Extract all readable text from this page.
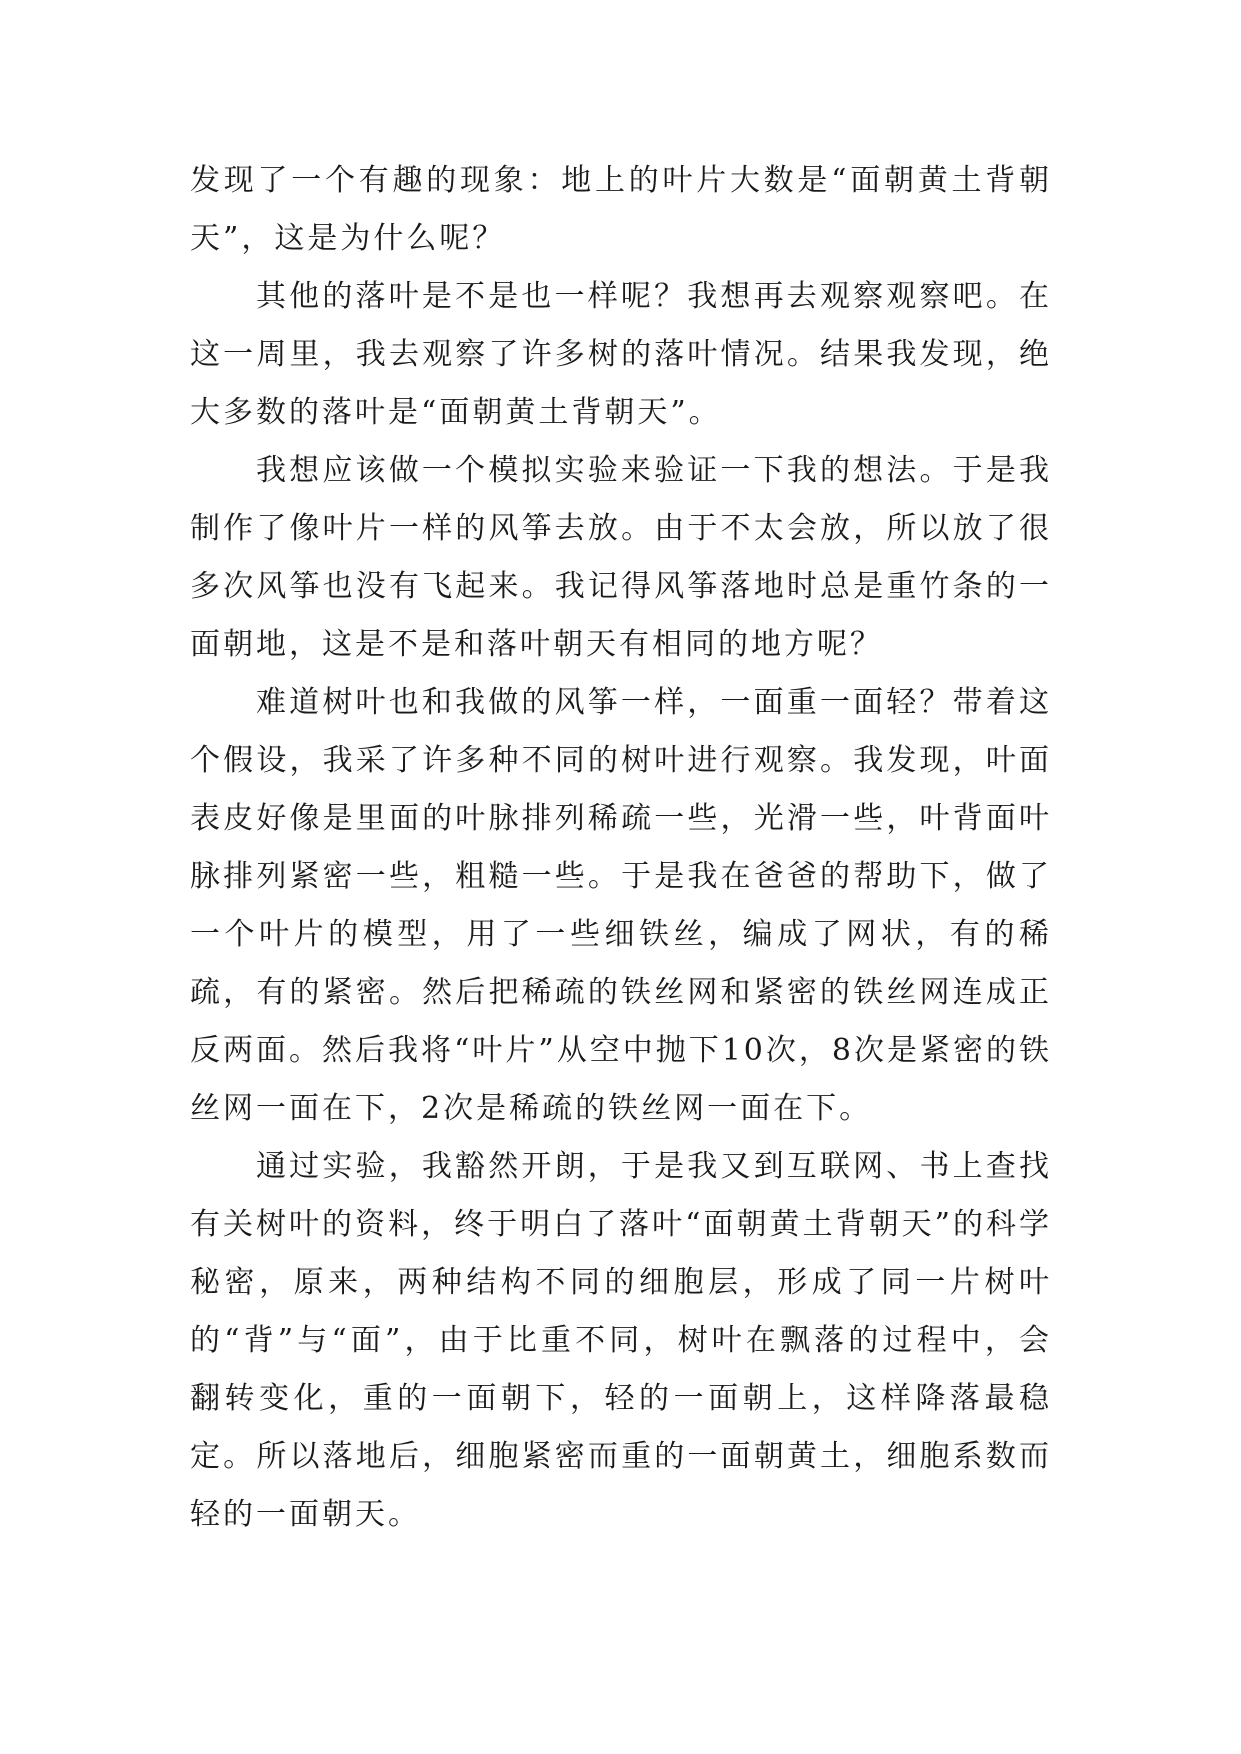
发现了一个有趣的现象：地上的叶片大数是“面朝黄土背朝天”，这是为什么呢？

其他的落叶是不是也一样呢？我想再去观察观察吧。在这一周里，我去观察了许多树的落叶情况。结果我发现，绝大多数的落叶是“面朝黄土背朝天”。

我想应该做一个模拟实验来验证一下我的想法。于是我制作了像叶片一样的风筝去放。由于不太会放，所以放了很多次风筝也没有飞起来。我记得风筝落地时总是重竹条的一面朝地，这是不是和落叶朝天有相同的地方呢？

难道树叶也和我做的风筝一样，一面重一面轻？带着这个假设，我采了许多种不同的树叶进行观察。我发现，叶面表皮好像是里面的叶脉排列稀疏一些，光滑一些，叶背面叶脉排列紧密一些，粗糙一些。于是我在爸爸的帮助下，做了一个叶片的模型，用了一些细铁丝，编成了网状，有的稀疏，有的紧密。然后把稀疏的铁丝网和紧密的铁丝网连成正反两面。然后我将“叶片”从空中抛下10次，8次是紧密的铁丝网一面在下，2次是稀疏的铁丝网一面在下。

通过实验，我豁然开朗，于是我又到互联网、书上查找有关树叶的资料，终于明白了落叶“面朝黄土背朝天”的科学秘密，原来，两种结构不同的细胞层，形成了同一片树叶的“背”与“面”，由于比重不同，树叶在飘落的过程中，会翻转变化，重的一面朝下，轻的一面朝上，这样降落最稳定。所以落地后，细胞紧密而重的一面朝黄土，细胞系数而轻的一面朝天。
